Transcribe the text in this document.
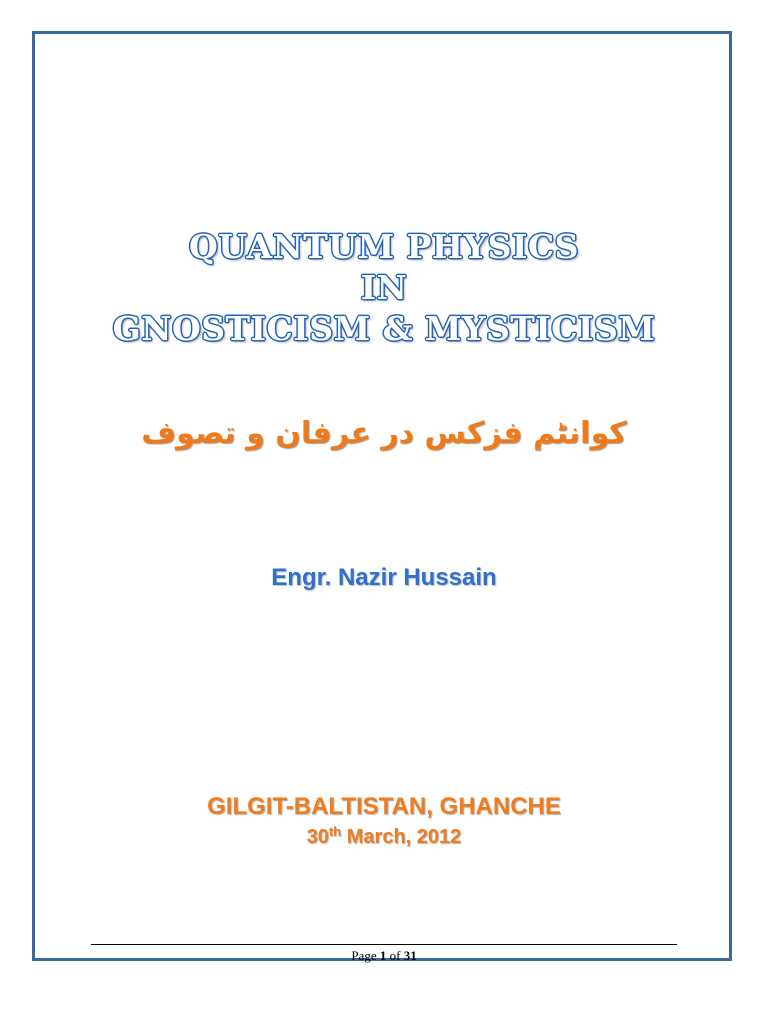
QUANTUM PHYSICS
IN
GNOSTICISM & MYSTICISM
کوانٹم فزکس در عرفان و تصوف
Engr. Nazir Hussain
GILGIT-BALTISTAN, GHANCHE
30th March, 2012
Page 1 of 31
